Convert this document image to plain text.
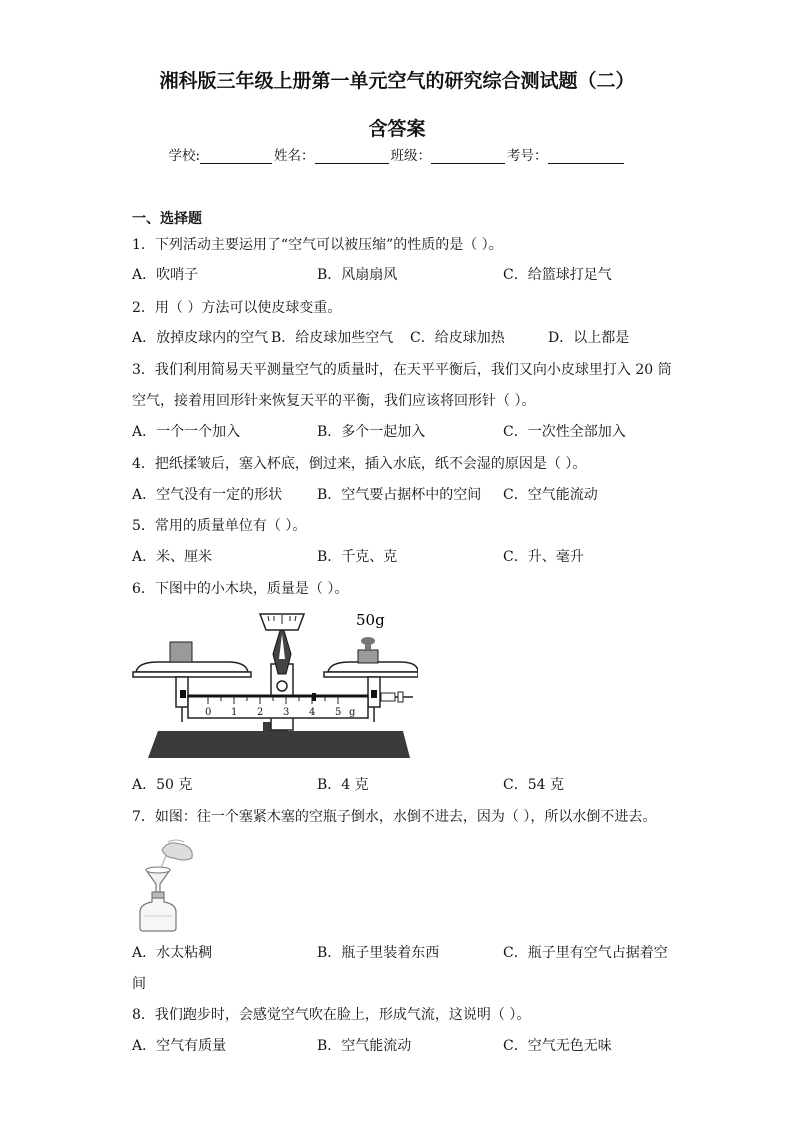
湘科版三年级上册第一单元空气的研究综合测试题（二）
含答案
学校:	姓名：	班级：	考号：
一、选择题
1．下列活动主要运用了“空气可以被压缩”的性质的是（ ）。
A．吹哨子	B．风扇扇风	C．给篮球打足气
2．用（ ）方法可以使皮球变重。
A．放掉皮球内的空气 B．给皮球加些空气 C．给皮球加热	D．以上都是
3．我们利用简易天平测量空气的质量时，在天平平衡后，我们又向小皮球里打入 20 筒
空气，接着用回形针来恢复天平的平衡，我们应该将回形针（ ）。
A．一个一个加入	B．多个一起加入	C．一次性全部加入
4．把纸揉皱后，塞入杯底，倒过来，插入水底，纸不会湿的原因是（ ）。
A．空气没有一定的形状 B．空气要占据杯中的空间 C．空气能流动
5．常用的质量单位有（ ）。
A．米、厘米	B．千克、克	C．升、毫升
6．下图中的小木块，质量是（ ）。
50g
0 1 2 3 4 5 g
A．50 克	B．4 克	C．54 克
7．如图：往一个塞紧木塞的空瓶子倒水，水倒不进去，因为（ ），所以水倒不进去。
A．水太粘稠	B．瓶子里装着东西	C．瓶子里有空气占据着空
间
8．我们跑步时，会感觉空气吹在脸上，形成气流，这说明（ ）。
A．空气有质量	B．空气能流动	C．空气无色无味
